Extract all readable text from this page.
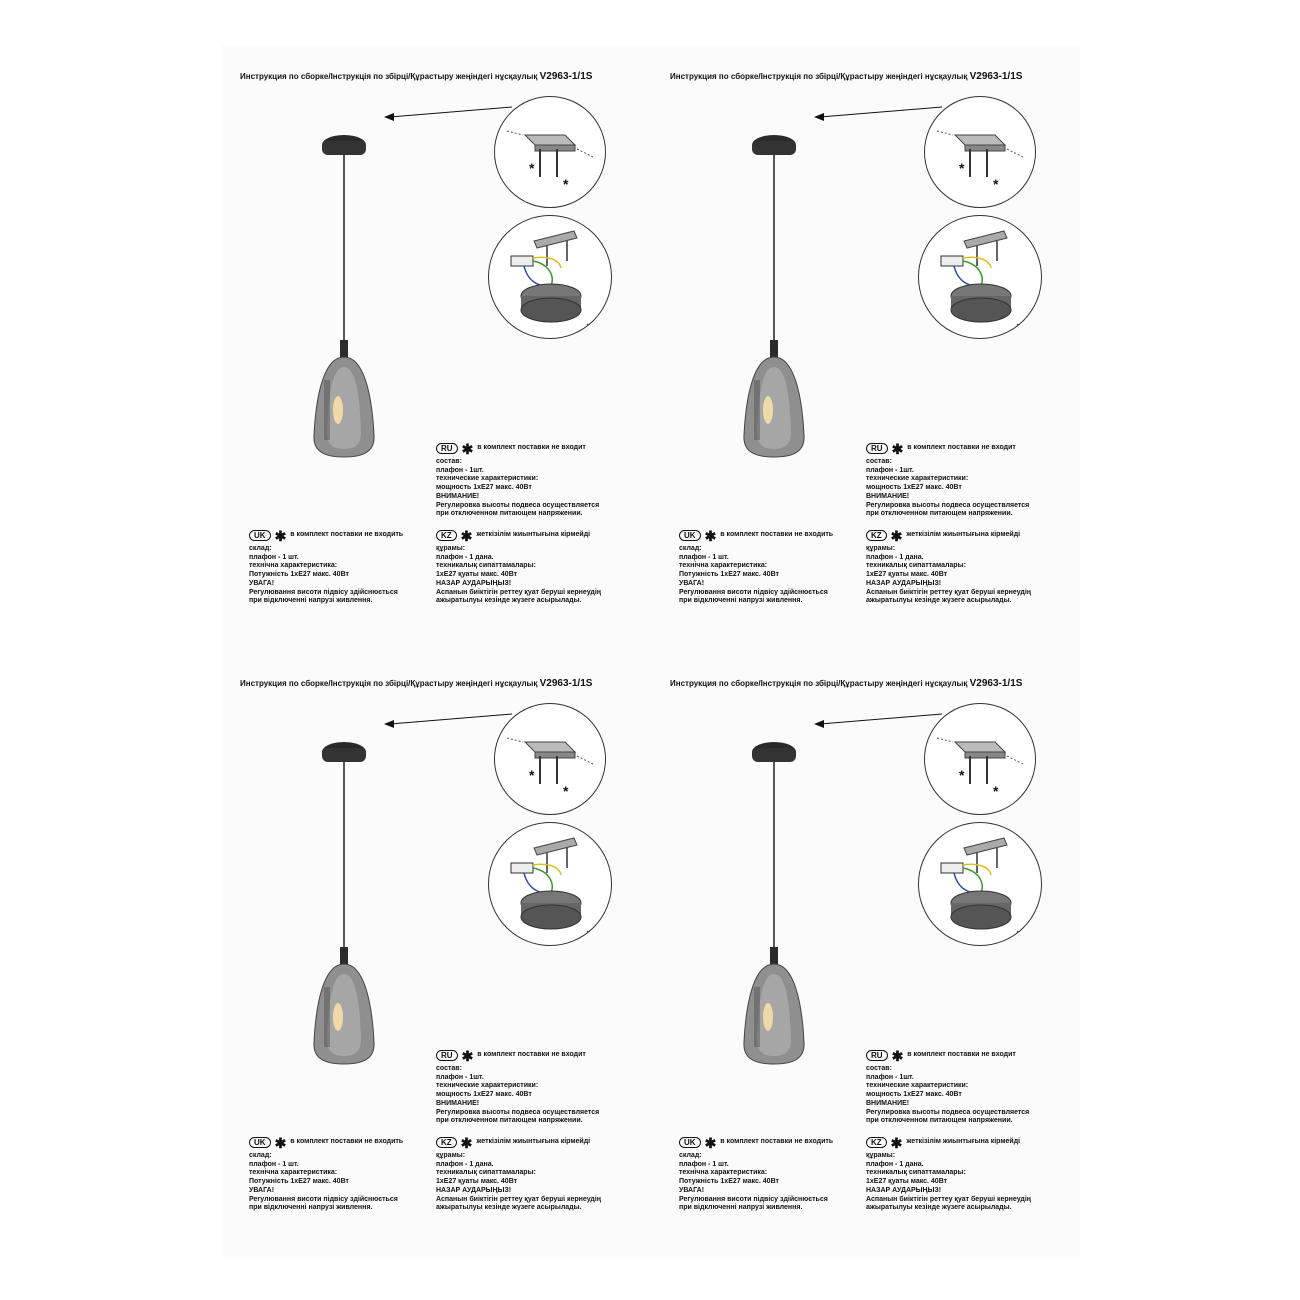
Инструкция по сборке/Інструкція по збірці/Құрастыру жеңіндегі нұсқаулық V2963-1/1S
*
*
RU ✱ в комплект поставки не входит
состав:
плафон - 1шт.
технические характеристики:
мощность 1хЕ27 макс. 40Вт
ВНИМАНИЕ!
Регулировка высоты подвеса осуществляется
при отключенном питающем напряжении.
UK ✱ в комплект поставки не входить
склад:
плафон - 1 шт.
технічна характеристика:
Потужність 1хЕ27 макс. 40Вт
УВАГА!
Регулювання висоти підвісу здійснюється
при відключенні напрузі живлення.
KZ ✱ жеткізілім жиынтығына кірмейді
құрамы:
плафон - 1 дана.
техникалық сипаттамалары:
1хЕ27 қуаты макс. 40Вт
НАЗАР АУДАРЫҢЫЗ!
Аспанын биіктігін реттеу қуат беруші кернеудің
ажыратылуы кезінде жүзеге асырылады.
Инструкция по сборке/Інструкція по збірці/Құрастыру жеңіндегі нұсқаулық V2963-1/1S
*
*
RU ✱ в комплект поставки не входит
состав:
плафон - 1шт.
технические характеристики:
мощность 1хЕ27 макс. 40Вт
ВНИМАНИЕ!
Регулировка высоты подвеса осуществляется
при отключенном питающем напряжении.
UK ✱ в комплект поставки не входить
склад:
плафон - 1 шт.
технічна характеристика:
Потужність 1хЕ27 макс. 40Вт
УВАГА!
Регулювання висоти підвісу здійснюється
при відключенні напрузі живлення.
KZ ✱ жеткізілім жиынтығына кірмейді
құрамы:
плафон - 1 дана.
техникалық сипаттамалары:
1хЕ27 қуаты макс. 40Вт
НАЗАР АУДАРЫҢЫЗ!
Аспанын биіктігін реттеу қуат беруші кернеудің
ажыратылуы кезінде жүзеге асырылады.
Инструкция по сборке/Інструкція по збірці/Құрастыру жеңіндегі нұсқаулық V2963-1/1S
*
*
RU ✱ в комплект поставки не входит
состав:
плафон - 1шт.
технические характеристики:
мощность 1хЕ27 макс. 40Вт
ВНИМАНИЕ!
Регулировка высоты подвеса осуществляется
при отключенном питающем напряжении.
UK ✱ в комплект поставки не входить
склад:
плафон - 1 шт.
технічна характеристика:
Потужність 1хЕ27 макс. 40Вт
УВАГА!
Регулювання висоти підвісу здійснюється
при відключенні напрузі живлення.
KZ ✱ жеткізілім жиынтығына кірмейді
құрамы:
плафон - 1 дана.
техникалық сипаттамалары:
1хЕ27 қуаты макс. 40Вт
НАЗАР АУДАРЫҢЫЗ!
Аспанын биіктігін реттеу қуат беруші кернеудің
ажыратылуы кезінде жүзеге асырылады.
Инструкция по сборке/Інструкція по збірці/Құрастыру жеңіндегі нұсқаулық V2963-1/1S
*
*
RU ✱ в комплект поставки не входит
состав:
плафон - 1шт.
технические характеристики:
мощность 1хЕ27 макс. 40Вт
ВНИМАНИЕ!
Регулировка высоты подвеса осуществляется
при отключенном питающем напряжении.
UK ✱ в комплект поставки не входить
склад:
плафон - 1 шт.
технічна характеристика:
Потужність 1хЕ27 макс. 40Вт
УВАГА!
Регулювання висоти підвісу здійснюється
при відключенні напрузі живлення.
KZ ✱ жеткізілім жиынтығына кірмейді
құрамы:
плафон - 1 дана.
техникалық сипаттамалары:
1хЕ27 қуаты макс. 40Вт
НАЗАР АУДАРЫҢЫЗ!
Аспанын биіктігін реттеу қуат беруші кернеудің
ажыратылуы кезінде жүзеге асырылады.
